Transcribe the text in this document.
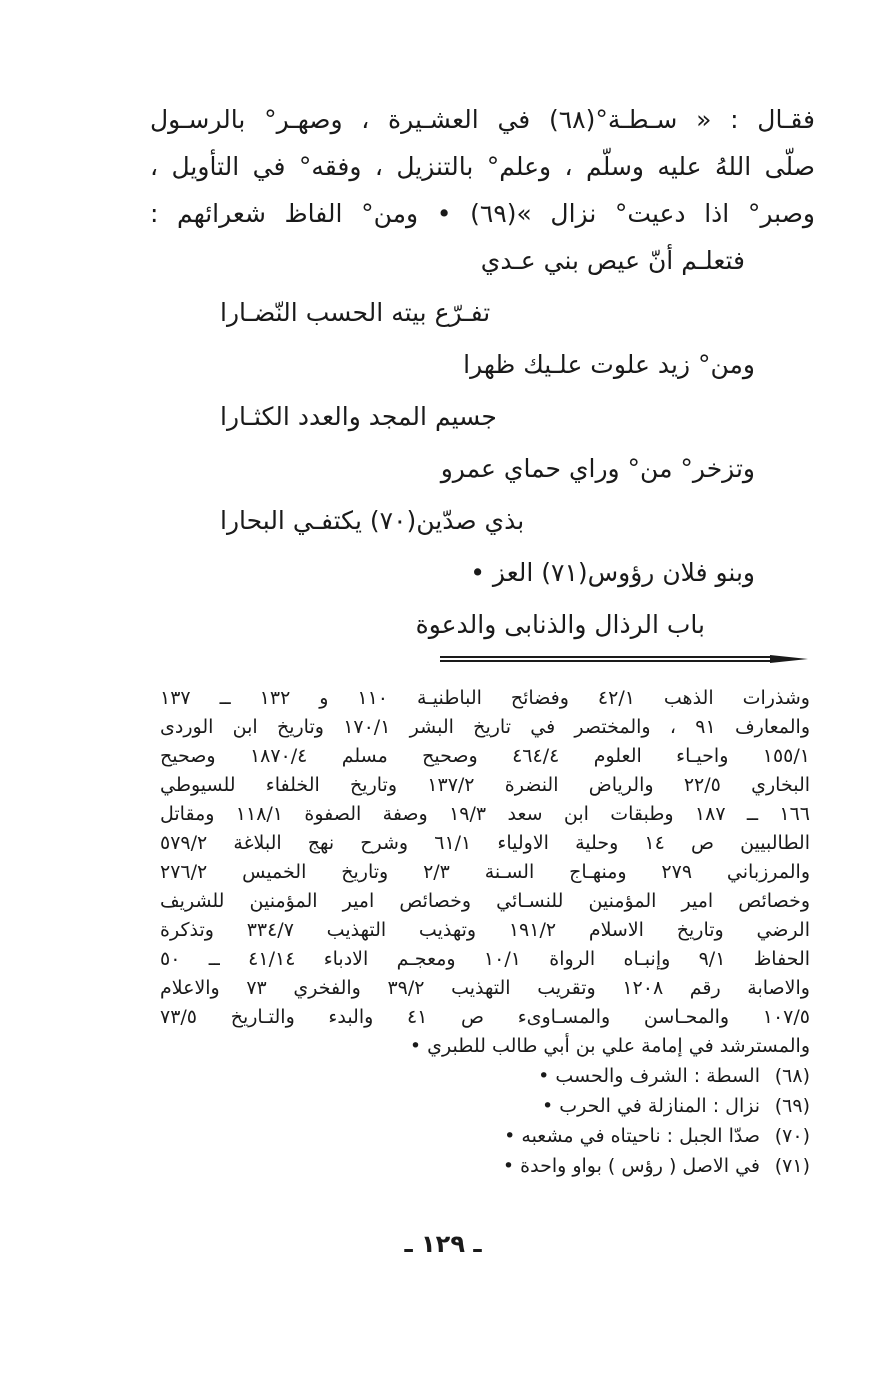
فقـال : « سـطـة°(٦٨) في العشـيرة ، وصهـر° بالرسـول
صلّى اللهُ عليه وسلّم ، وعلم° بالتنزيل ، وفقه° في التأويل ،
وصبر° اذا دعيت° نزال »(٦٩) • ومن° الفاظ شعرائهم :
فتعلـم أنّ عيص بني عـدي
تفـرّع بيته الحسب النّضـارا
ومن° زيد علوت علـيك ظهرا
جسيم المجد والعدد الكثـارا
وتزخر° من° وراي حماي عمرو
بذي صدّين(٧٠) يكتفـي البحارا
وبنو فلان رؤوس(٧١) العز •
باب الرذال والذنابى والدعوة
وشذرات الذهب ٤٢/١ وفضائح الباطنيـة ١١٠ و ١٣٢ ــ ١٣٧
والمعارف ٩١ ، والمختصر في تاريخ البشر ١٧٠/١ وتاريخ ابن الوردى
١٥٥/١ واحيـاء العلوم ٤٦٤/٤ وصحيح مسلم ١٨٧٠/٤ وصحيح
البخاري ٢٢/٥ والرياض النضرة ١٣٧/٢ وتاريخ الخلفاء للسيوطي
١٦٦ ــ ١٨٧ وطبقات ابن سعد ١٩/٣ وصفة الصفوة ١١٨/١ ومقاتل
الطالبيين ص ١٤ وحلية الاولياء ٦١/١ وشرح نهج البلاغة ٥٧٩/٢
والمرزباني ٢٧٩ ومنهـاج السـنة ٢/٣ وتاريخ الخميس ٢٧٦/٢
وخصائص امير المؤمنين للنسـائي وخصائص امير المؤمنين للشريف
الرضي وتاريخ الاسلام ١٩١/٢ وتهذيب التهذيب ٣٣٤/٧ وتذكرة
الحفاظ ٩/١ وإنبـاه الرواة ١٠/١ ومعجـم الادباء ٤١/١٤ ــ ٥٠
والاصابة رقم ١٢٠٨ وتقريب التهذيب ٣٩/٢ والفخري ٧٣ والاعلام
١٠٧/٥ والمحـاسن والمسـاوىء ص ٤١ والبدء والتـاريخ ٧٣/٥
والمسترشد في إمامة علي بن أبي طالب للطبري •
(٦٨)السطة : الشرف والحسب •
(٦٩)نزال : المنازلة في الحرب •
(٧٠)صدّا الجبل : ناحيتاه في مشعبه •
(٧١)في الاصل ( رؤس ) بواو واحدة •
ـ ١٢٩ ـ
